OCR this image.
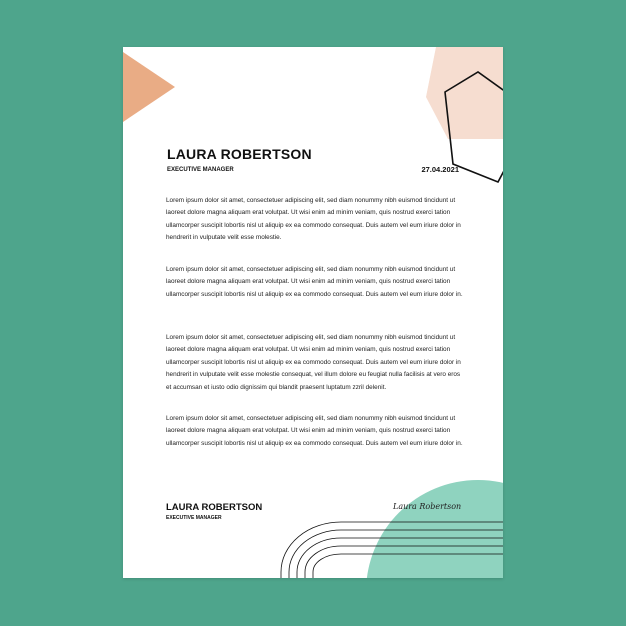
LAURA ROBERTSON
EXECUTIVE MANAGER	27.04.2021

Lorem ipsum dolor sit amet, consectetuer adipiscing elit, sed diam nonummy nibh euismod tincidunt ut laoreet dolore magna aliquam erat volutpat. Ut wisi enim ad minim veniam, quis nostrud exerci tation ullamcorper suscipit lobortis nisl ut aliquip ex ea commodo consequat. Duis autem vel eum iriure dolor in hendrerit in vulputate velit esse molestie.

Lorem ipsum dolor sit amet, consectetuer adipiscing elit, sed diam nonummy nibh euismod tincidunt ut laoreet dolore magna aliquam erat volutpat. Ut wisi enim ad minim veniam, quis nostrud exerci tation ullamcorper suscipit lobortis nisl ut aliquip ex ea commodo consequat. Duis autem vel eum iriure dolor in.

Lorem ipsum dolor sit amet, consectetuer adipiscing elit, sed diam nonummy nibh euismod tincidunt ut laoreet dolore magna aliquam erat volutpat. Ut wisi enim ad minim veniam, quis nostrud exerci tation ullamcorper suscipit lobortis nisl ut aliquip ex ea commodo consequat. Duis autem vel eum iriure dolor in hendrerit in vulputate velit esse molestie consequat, vel illum dolore eu feugiat nulla facilisis at vero eros et accumsan et iusto odio dignissim qui blandit praesent luptatum zzril delenit.

Lorem ipsum dolor sit amet, consectetuer adipiscing elit, sed diam nonummy nibh euismod tincidunt ut laoreet dolore magna aliquam erat volutpat. Ut wisi enim ad minim veniam, quis nostrud exerci tation ullamcorper suscipit lobortis nisl ut aliquip ex ea commodo consequat. Duis autem vel eum iriure dolor in.

LAURA ROBERTSON
EXECUTIVE MANAGER
Laura Robertson
